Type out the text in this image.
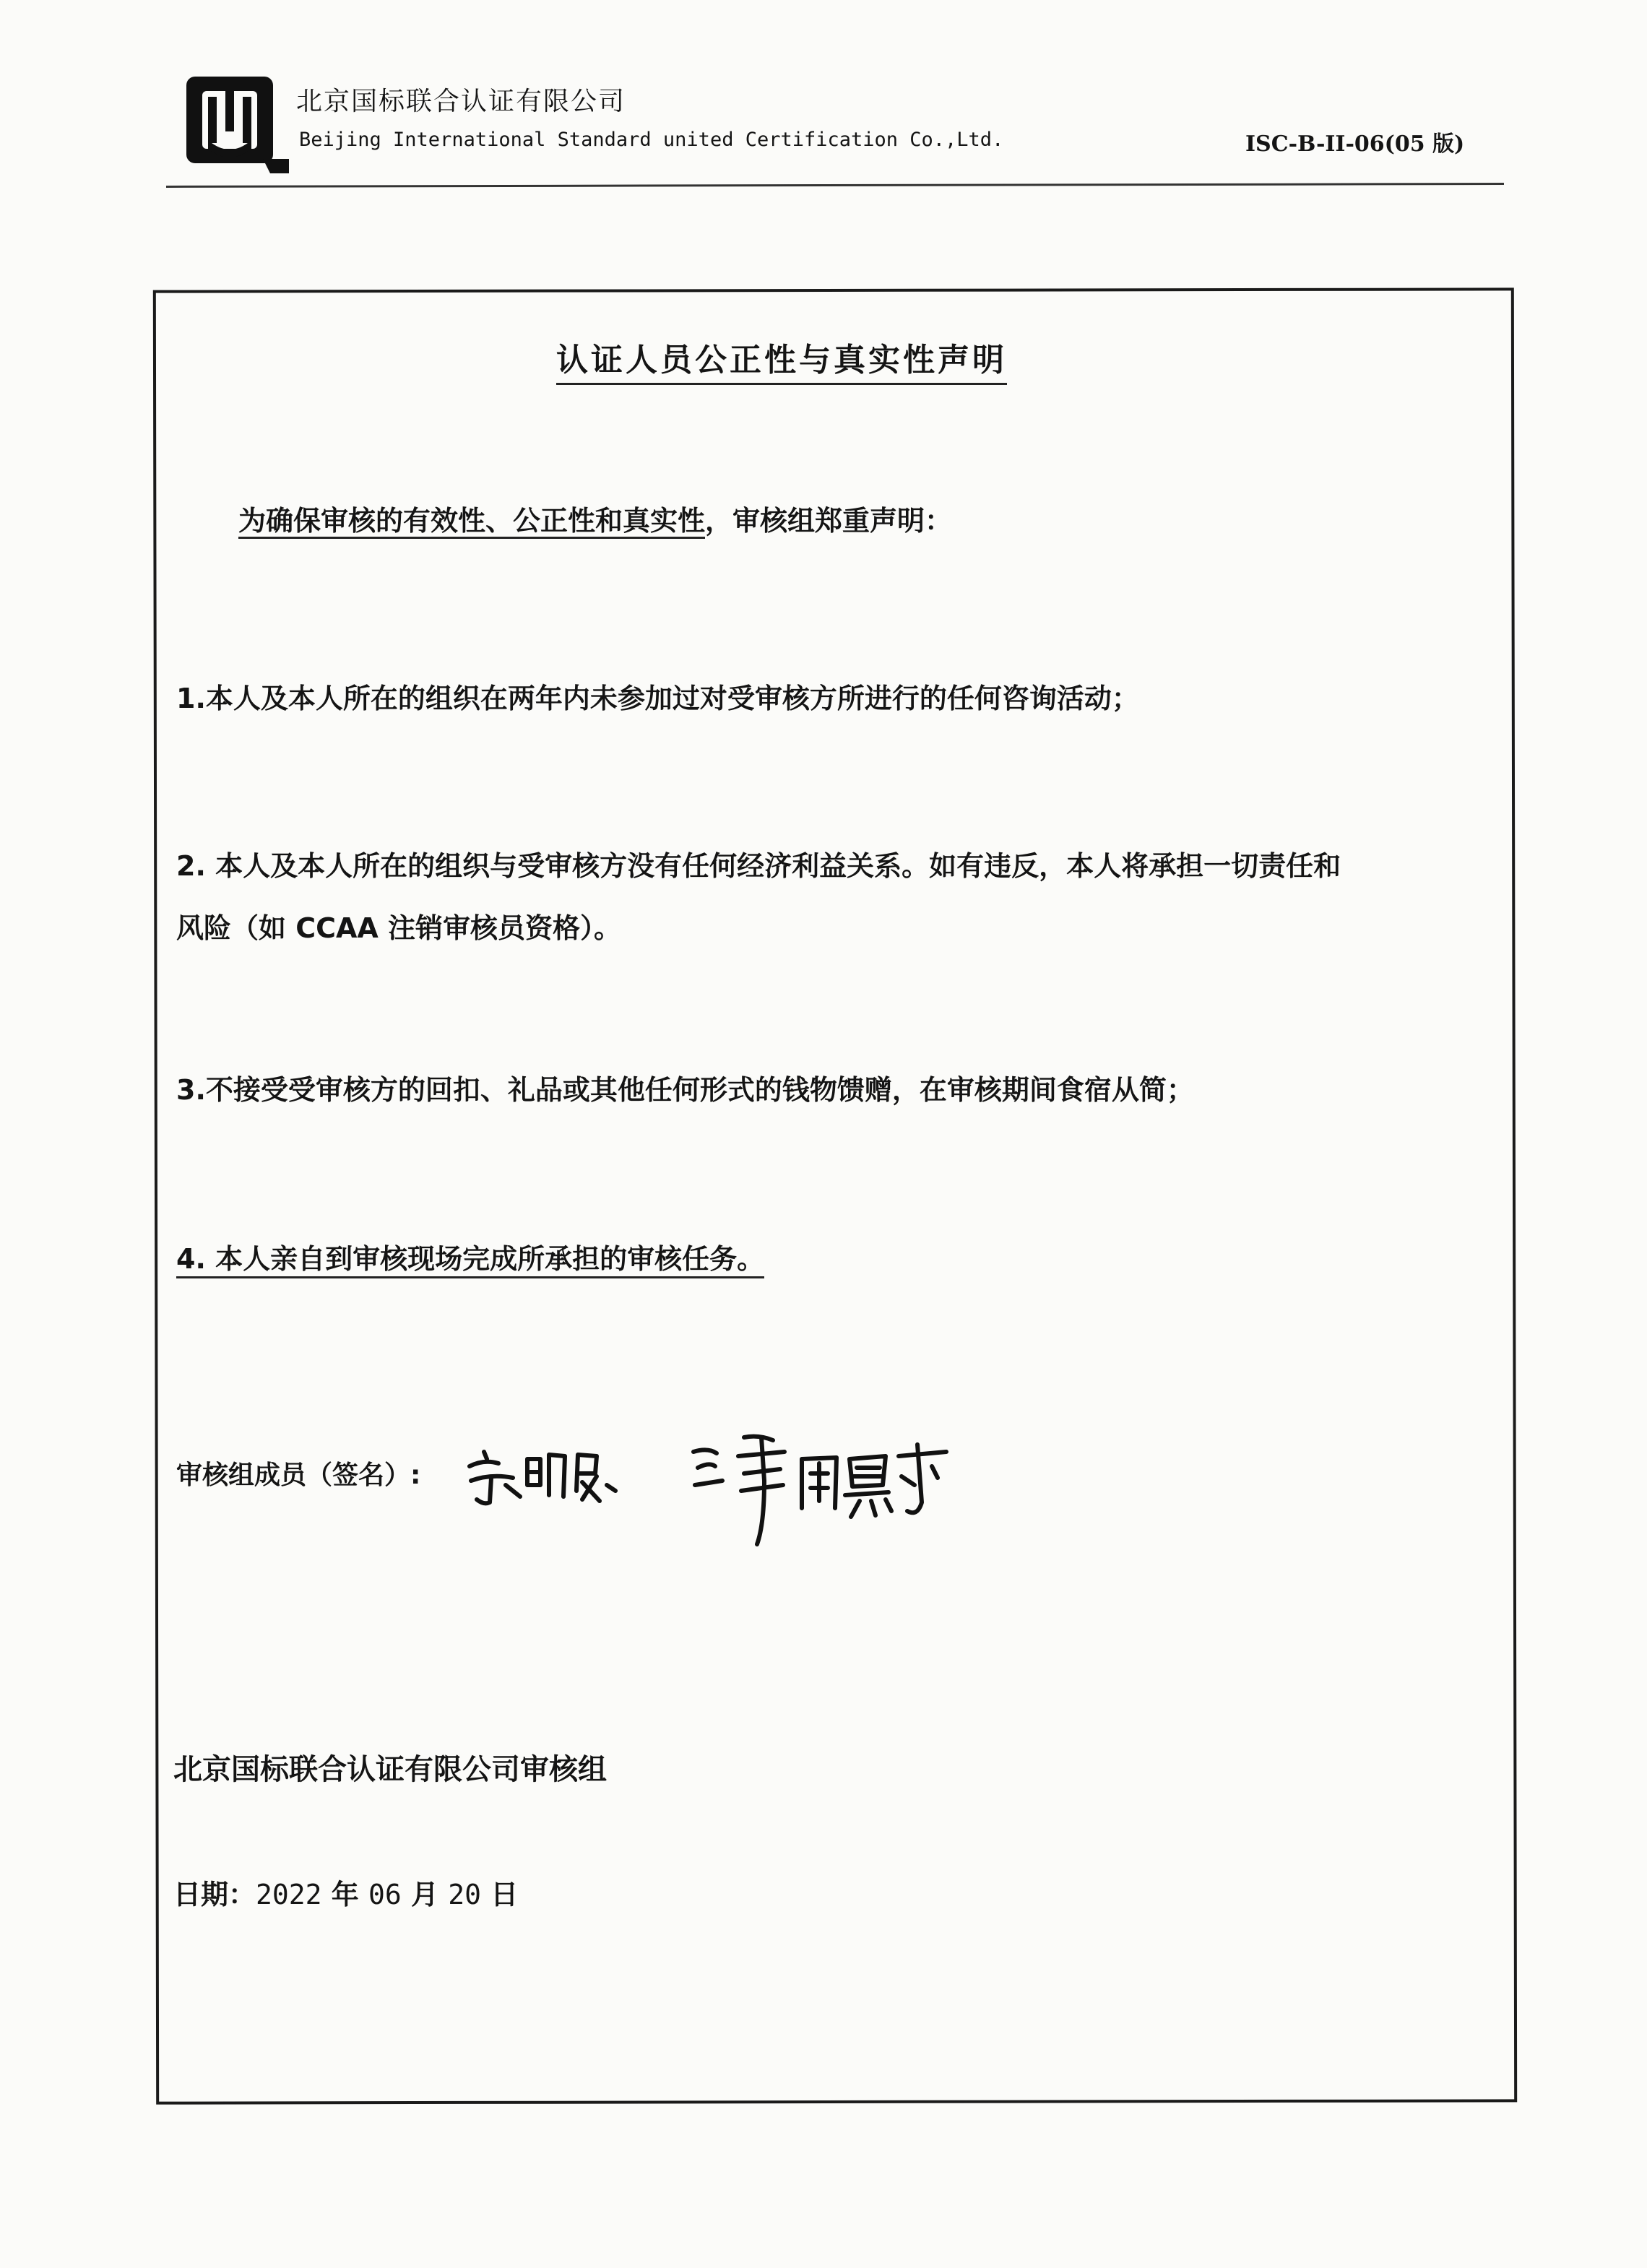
北京国标联合认证有限公司
Beijing International Standard united Certification Co.,Ltd.	ISC-B-II-06(05 版)
认证人员公正性与真实性声明
为确保审核的有效性、公正性和真实性，审核组郑重声明：
1.本人及本人所在的组织在两年内未参加过对受审核方所进行的任何咨询活动；
2. 本人及本人所在的组织与受审核方没有任何经济利益关系。如有违反，本人将承担一切责任和
风险（如 CCAA 注销审核员资格）。
3.不接受受审核方的回扣、礼品或其他任何形式的钱物馈赠，在审核期间食宿从简；
4. 本人亲自到审核现场完成所承担的审核任务。
审核组成员（签名）:
北京国标联合认证有限公司审核组
日期：2022 年 06 月 20 日
